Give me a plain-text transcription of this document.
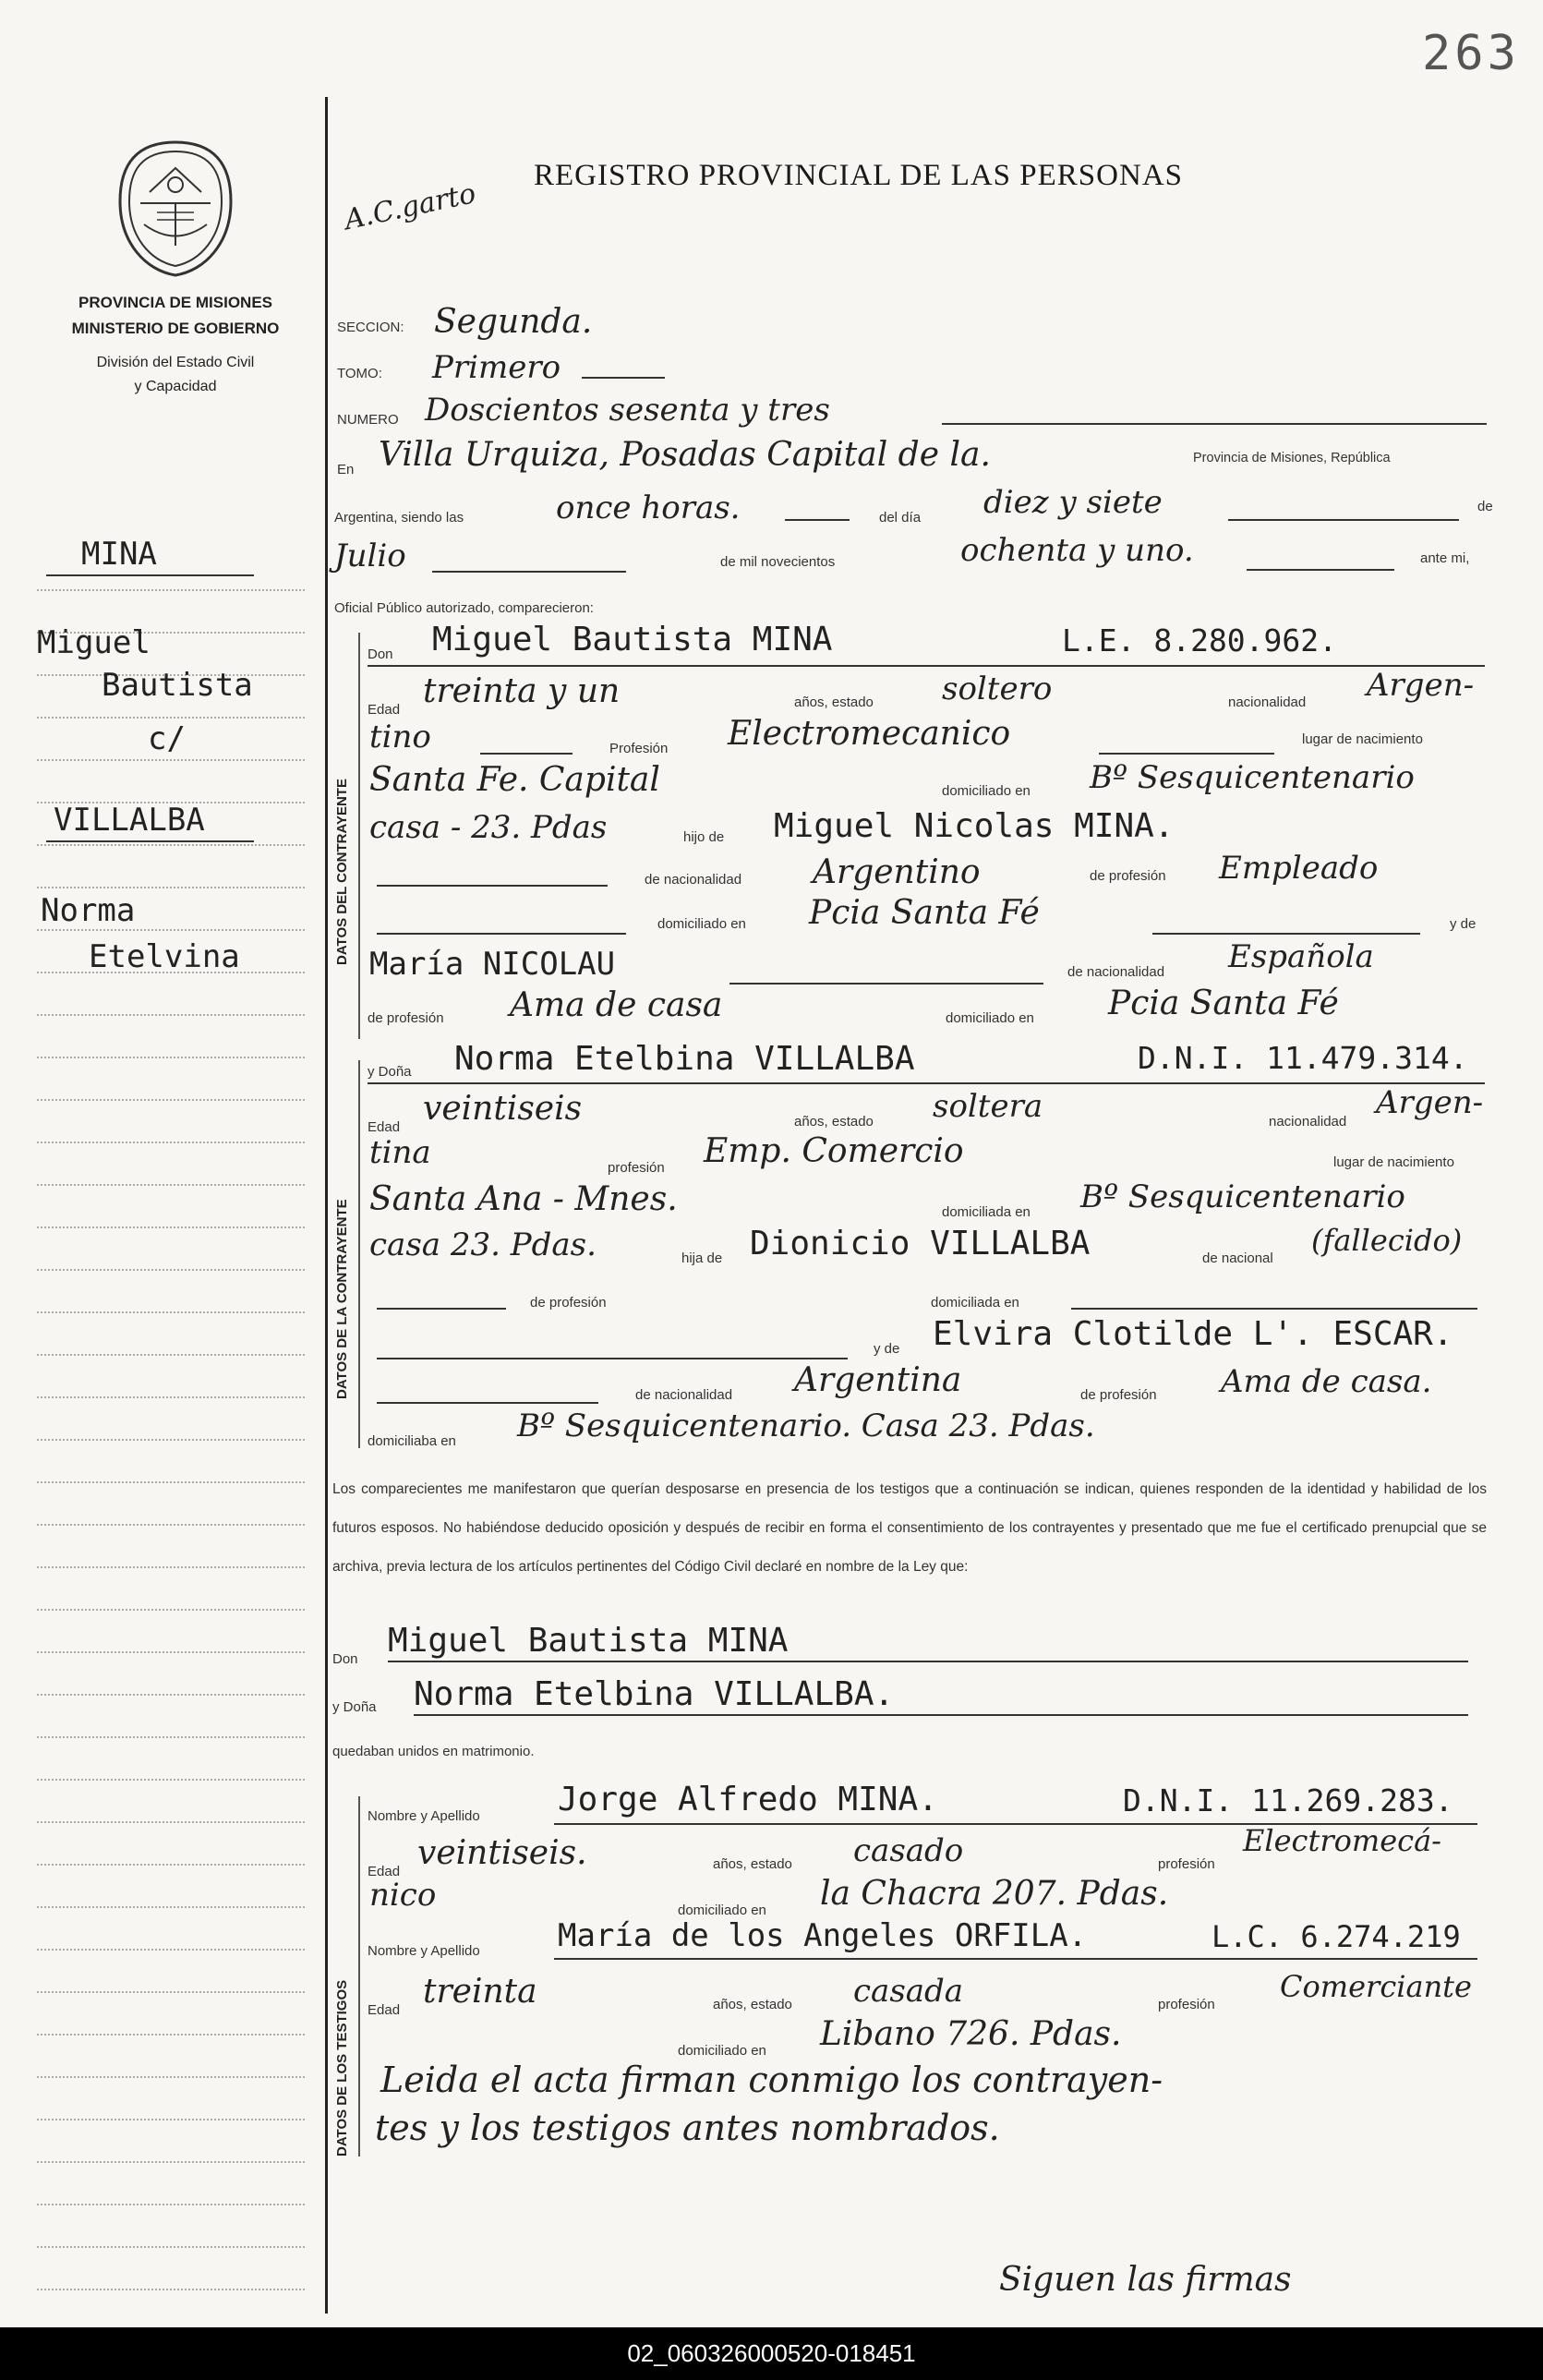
263
PROVINCIA DE MISIONES
MINISTERIO DE GOBIERNO
División del Estado Civil
y Capacidad
REGISTRO PROVINCIAL DE LAS PERSONAS
A.C.garto
MINA
Miguel
Bautista
c/
VILLALBA
Norma
Etelvina	DATOS DEL CONTRAYENTE
DATOS DE LA CONTRAYENTE
DATOS DE LOS TESTIGOS
SECCION: Segunda.
TOMO: Primero
NUMERO Doscientos sesenta y tres
En Villa Urquiza, Posadas Capital de la.	Provincia de Misiones, República
Argentina, siendo las	once horas.	del día diez y siete	de
Julio	de mil novecientos	ochenta y uno.	ante mi,
Oficial Público autorizado, comparecieron:
Don Miguel Bautista MINA	L.E. 8.280.962.
Edad treinta y un	años, estado soltero	nacionalidad Argen-
tino	Profesión Electromecanico	lugar de nacimiento
Santa Fe. Capital	domiciliado en Bº Sesquicentenario
casa - 23. Pdas	hijo de Miguel Nicolas MINA.
de nacionalidad Argentino	de profesión Empleado
domiciliado en Pcia Santa Fé	y de
María NICOLAU	de nacionalidad Española
de profesión Ama de casa	domiciliado en Pcia Santa Fé
y Doña Norma Etelbina VILLALBA	D.N.I. 11.479.314.
Edad veintiseis	años, estado soltera	nacionalidad
Argen-
tina	profesión Emp. Comercio	lugar de nacimiento
Santa Ana - Mnes.	domiciliada en Bº Sesquicentenario
casa 23. Pdas.	hija de Dionicio VILLALBA	de nacional
(fallecido)
de profesión	domiciliada en
y de Elvira Clotilde L'. ESCAR.
de nacionalidad Argentina	de profesión Ama de casa.
domiciliaba en Bº Sesquicentenario. Casa 23. Pdas.
Los comparecientes me manifestaron que querían desposarse en presencia de los testigos que a continuación se indican, quienes responden de la identidad y habilidad de los futuros esposos. No habiéndose deducido oposición y después de recibir en forma el consentimiento de los contrayentes y presentado que me fue el certificado prenupcial que se archiva, previa lectura de los artículos pertinentes del Código Civil declaré en nombre de la Ley que:
Don Miguel Bautista MINA
y Doña Norma Etelbina VILLALBA.
quedaban unidos en matrimonio.
Nombre y Apellido Jorge Alfredo MINA.	D.N.I. 11.269.283.
Edad veintiseis.	años, estado casado	profesión
Electromecá-
nico	domiciliado en la Chacra 207. Pdas.
Nombre y Apellido María de los Angeles ORFILA.	L.C. 6.274.219
Edad treinta	años, estado casada	profesión
Comerciante
domiciliado en Libano 726. Pdas.
Leida el acta firman conmigo los contrayen-
tes y los testigos antes nombrados.
Siguen las firmas
02_060326000520-018451
